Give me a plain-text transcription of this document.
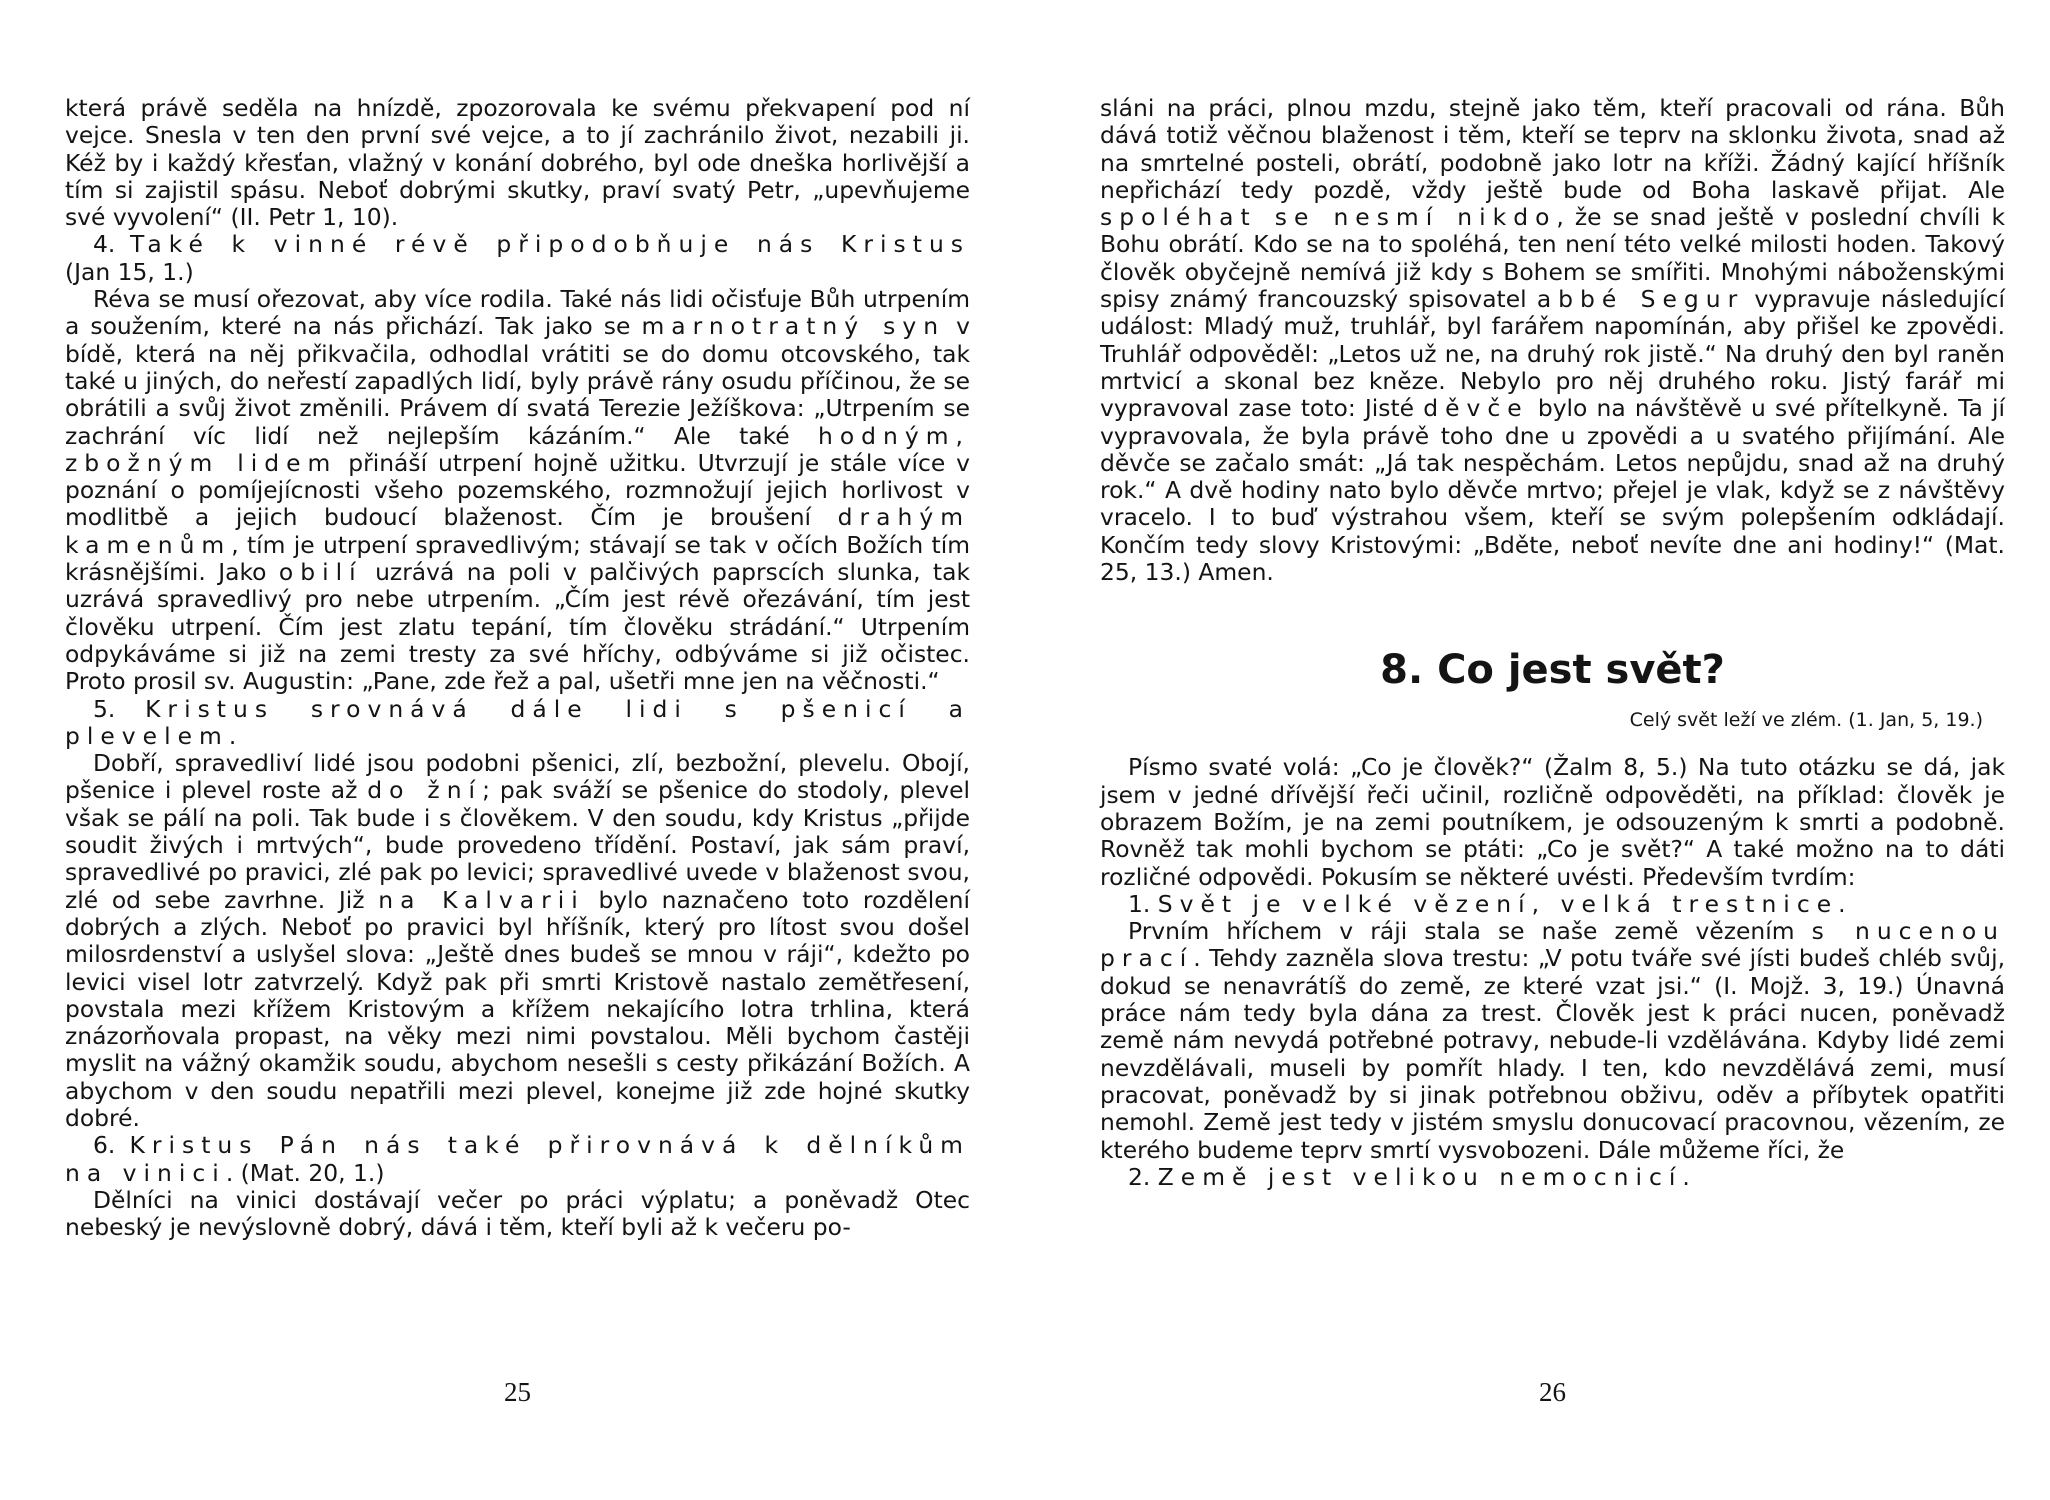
která právě seděla na hnízdě, zpozorovala ke svému překvapení pod ní vejce. Snesla v ten den první své vejce, a to jí zachránilo život, nezabili ji. Kéž by i každý křesťan, vlažný v konání dobrého, byl ode dneška horlivější a tím si zajistil spásu. Neboť dobrými skutky, praví svatý Petr, „upevňujeme své vyvolení“ (II. Petr 1, 10).

4. Také k vinné révě připodobňuje nás Kristus (Jan 15, 1.)

Réva se musí ořezovat, aby více rodila. Také nás lidi očisťuje Bůh utrpením a soužením, které na nás přichází. Tak jako se marnotratný syn v bídě, která na něj přikvačila, odhodlal vrátiti se do domu otcovského, tak také u jiných, do neřestí zapadlých lidí, byly právě rány osudu příčinou, že se obrátili a svůj život změnili. Právem dí svatá Terezie Ježíškova: „Utrpením se zachrání víc lidí než nejlepším kázáním.“ Ale také hodným, zbožným lidem přináší utrpení hojně užitku. Utvrzují je stále více v poznání o pomíjejícnosti všeho pozemského, rozmnožují jejich horlivost v modlitbě a jejich budoucí blaženost. Čím je broušení drahým kamenům, tím je utrpení spravedlivým; stávají se tak v očích Božích tím krásnějšími. Jako obilí uzrává na poli v palčivých paprscích slunka, tak uzrává spravedlivý pro nebe utrpením. „Čím jest révě ořezávání, tím jest člověku utrpení. Čím jest zlatu tepání, tím člověku strádání.“ Utrpením odpykáváme si již na zemi tresty za své hříchy, odbýváme si již očistec. Proto prosil sv. Augustin: „Pane, zde řež a pal, ušetři mne jen na věčnosti.“

5. Kristus srovnává dále lidi s pšenicí a plevelem.

Dobří, spravedliví lidé jsou podobni pšenici, zlí, bezbožní, plevelu. Obojí, pšenice i plevel roste až do žní; pak sváží se pšenice do stodoly, plevel však se pálí na poli. Tak bude i s člověkem. V den soudu, kdy Kristus „přijde soudit živých i mrtvých“, bude provedeno třídění. Postaví, jak sám praví, spravedlivé po pravici, zlé pak po levici; spravedlivé uvede v blaženost svou, zlé od sebe zavrhne. Již na Kalvarii bylo naznačeno toto rozdělení dobrých a zlých. Neboť po pravici byl hříšník, který pro lítost svou došel milosrdenství a uslyšel slova: „Ještě dnes budeš se mnou v ráji“, kdežto po levici visel lotr zatvrzelý. Když pak při smrti Kristově nastalo zemětřesení, povstala mezi křížem Kristovým a křížem nekajícího lotra trhlina, která znázorňovala propast, na věky mezi nimi povstalou. Měli bychom častěji myslit na vážný okamžik soudu, abychom nesešli s cesty přikázání Božích. A abychom v den soudu nepatřili mezi plevel, konejme již zde hojné skutky dobré.

6. Kristus Pán nás také přirovnává k dělníkům na vinici. (Mat. 20, 1.)

Dělníci na vinici dostávají večer po práci výplatu; a poněvadž Otec nebeský je nevýslovně dobrý, dává i těm, kteří byli až k večeru po-

25

sláni na práci, plnou mzdu, stejně jako těm, kteří pracovali od rána. Bůh dává totiž věčnou blaženost i těm, kteří se teprv na sklonku života, snad až na smrtelné posteli, obrátí, podobně jako lotr na kříži. Žádný kající hříšník nepřichází tedy pozdě, vždy ještě bude od Boha laskavě přijat. Ale spoléhat se nesmí nikdo, že se snad ještě v poslední chvíli k Bohu obrátí. Kdo se na to spoléhá, ten není této velké milosti hoden. Takový člověk obyčejně nemívá již kdy s Bohem se smířiti. Mnohými náboženskými spisy známý francouzský spisovatel abbé Segur vypravuje následující událost: Mladý muž, truhlář, byl farářem napomínán, aby přišel ke zpovědi. Truhlář odpověděl: „Letos už ne, na druhý rok jistě.“ Na druhý den byl raněn mrtvicí a skonal bez kněze. Nebylo pro něj druhého roku. Jistý farář mi vypravoval zase toto: Jisté děvče bylo na návštěvě u své přítelkyně. Ta jí vypravovala, že byla právě toho dne u zpovědi a u svatého přijímání. Ale děvče se začalo smát: „Já tak nespěchám. Letos nepůjdu, snad až na druhý rok.“ A dvě hodiny nato bylo děvče mrtvo; přejel je vlak, když se z návštěvy vracelo. I to buď výstrahou všem, kteří se svým polepšením odkládají. Končím tedy slovy Kristovými: „Bděte, neboť nevíte dne ani hodiny!“ (Mat. 25, 13.) Amen.

8. Co jest svět?
Celý svět leží ve zlém. (1. Jan, 5, 19.)

Písmo svaté volá: „Co je člověk?“ (Žalm 8, 5.) Na tuto otázku se dá, jak jsem v jedné dřívější řeči učinil, rozličně odpověděti, na příklad: člověk je obrazem Božím, je na zemi poutníkem, je odsouzeným k smrti a podobně. Rovněž tak mohli bychom se ptáti: „Co je svět?“ A také možno na to dáti rozličné odpovědi. Pokusím se některé uvésti. Především tvrdím:

1. Svět je velké vězení, velká trestnice.

Prvním hříchem v ráji stala se naše země vězením s nucenou prací. Tehdy zazněla slova trestu: „V potu tváře své jísti budeš chléb svůj, dokud se nenavrátíš do země, ze které vzat jsi.“ (I. Mojž. 3, 19.) Únavná práce nám tedy byla dána za trest. Člověk jest k práci nucen, poněvadž země nám nevydá potřebné potravy, nebude-li vzdělávána. Kdyby lidé zemi nevzdělávali, museli by pomřít hlady. I ten, kdo nevzdělává zemi, musí pracovat, poněvadž by si jinak potřebnou obživu, oděv a příbytek opatřiti nemohl. Země jest tedy v jistém smyslu donucovací pracovnou, vězením, ze kterého budeme teprv smrtí vysvobozeni. Dále můžeme říci, že

2. Země jest velikou nemocnicí.

26
